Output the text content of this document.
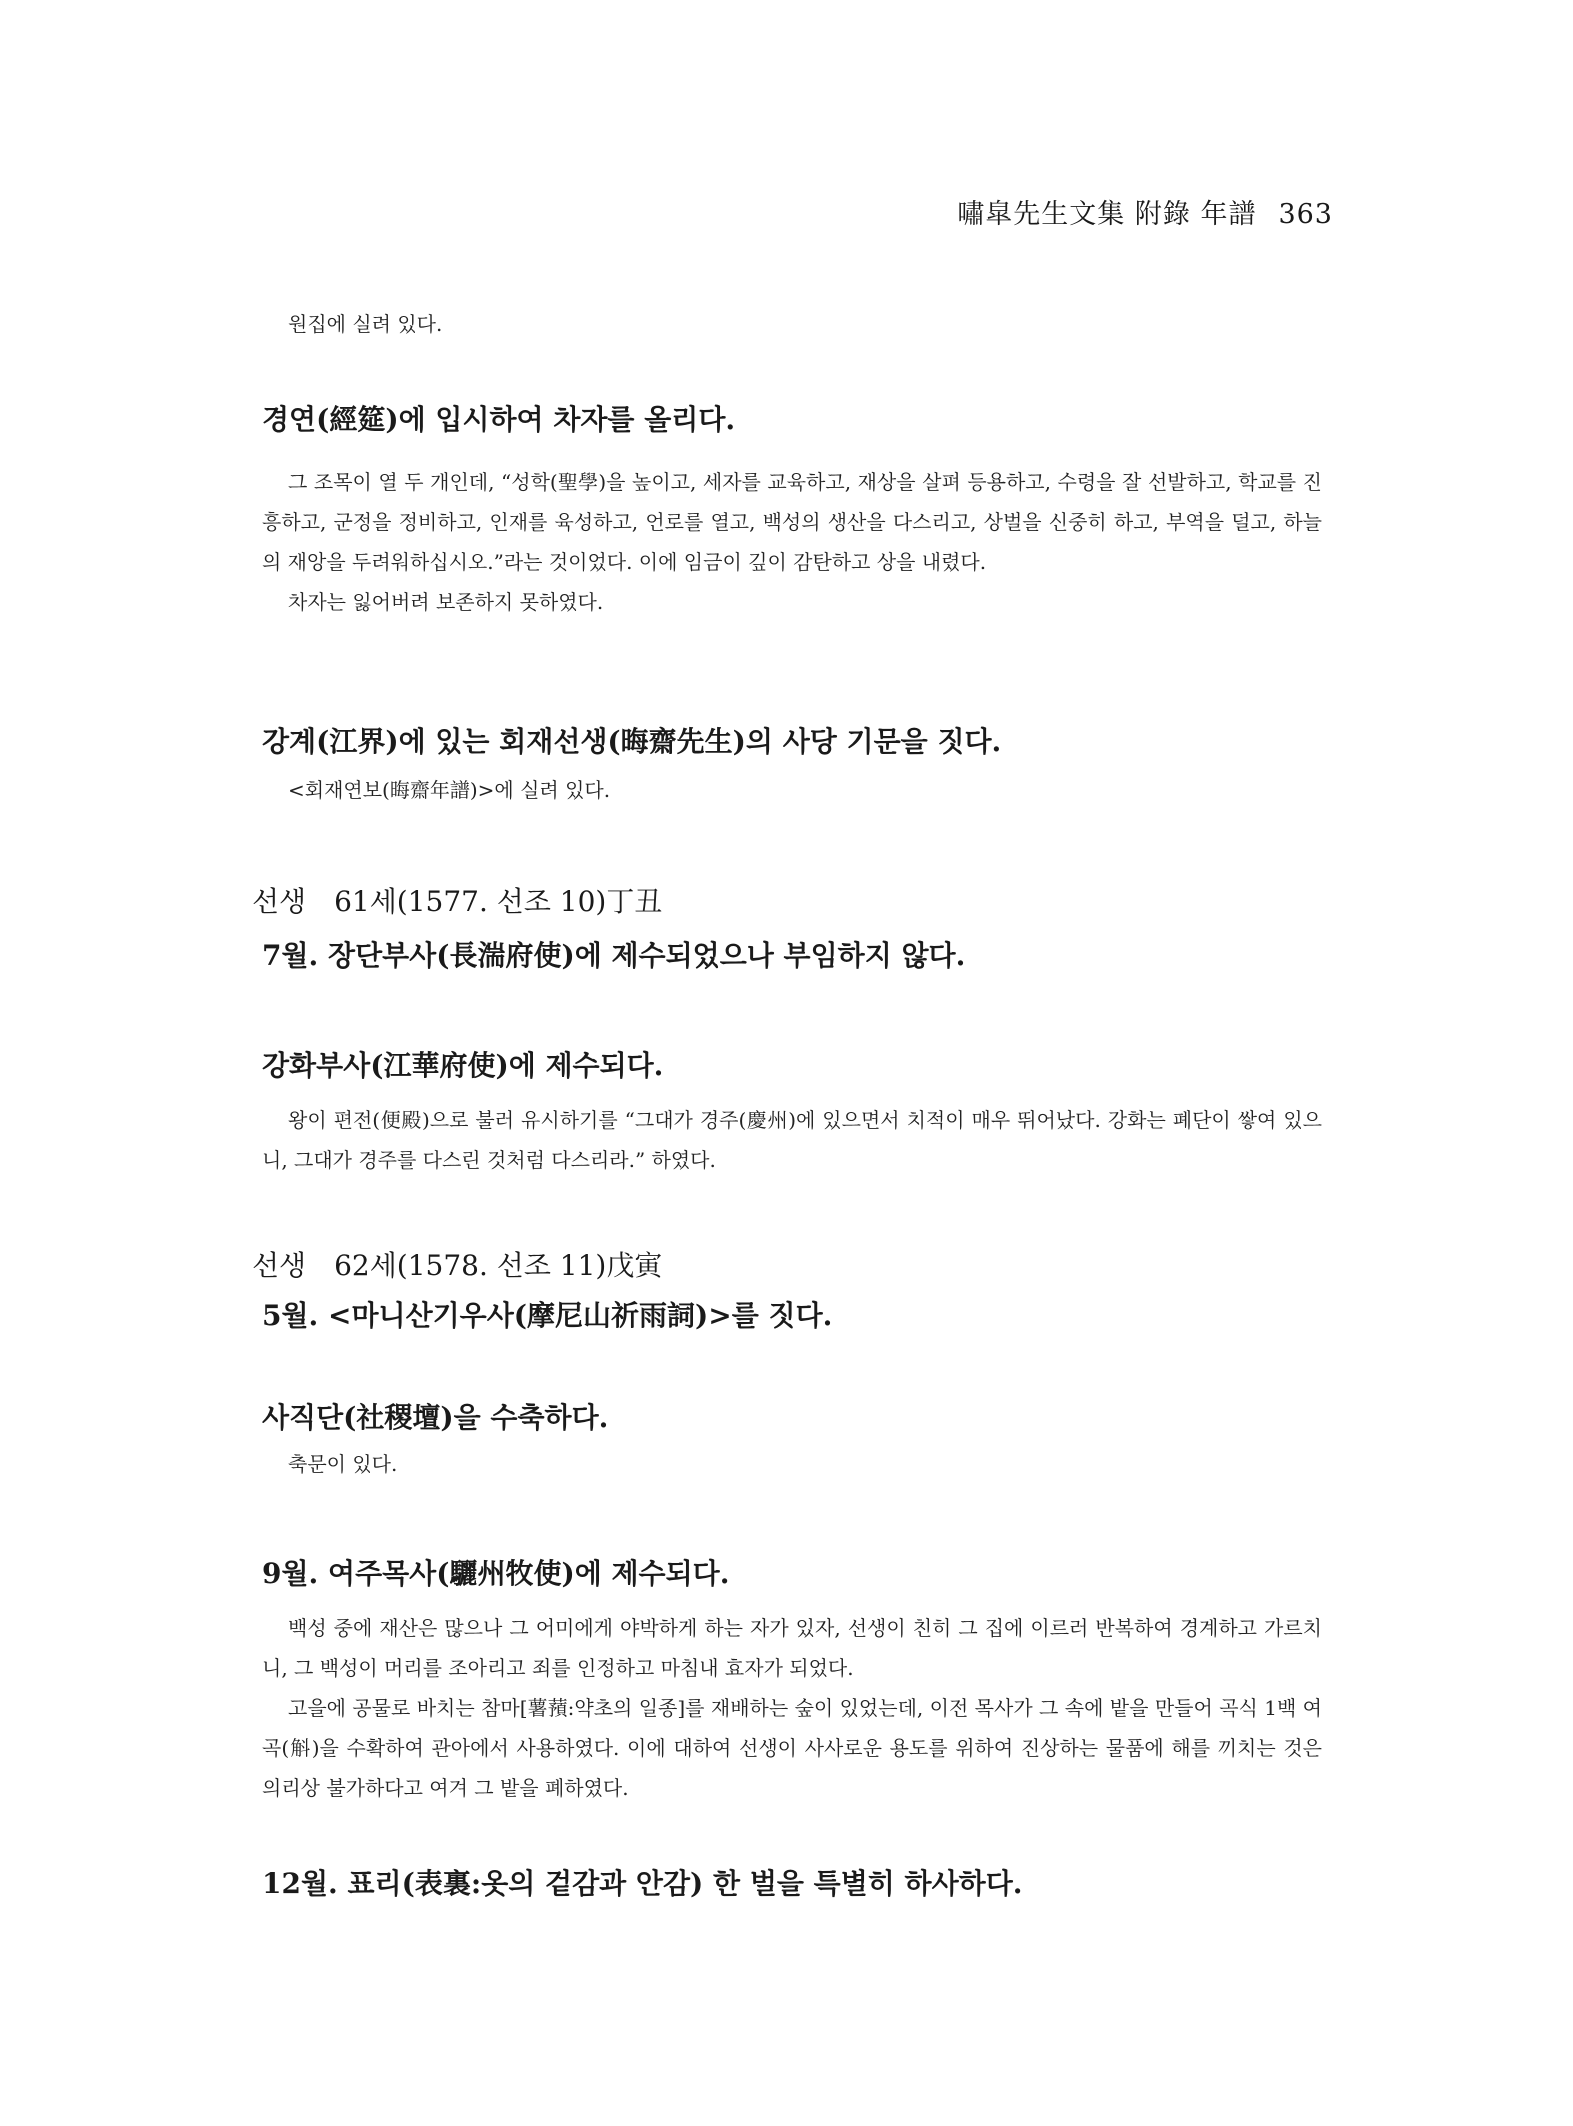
嘯皐先生文集 附錄 年譜 363

원집에 실려 있다.

경연(經筵)에 입시하여 차자를 올리다.

그 조목이 열 두 개인데, “성학(聖學)을 높이고, 세자를 교육하고, 재상을 살펴 등용하고, 수령을 잘 선발하고, 학교를 진흥하고, 군정을 정비하고, 인재를 육성하고, 언로를 열고, 백성의 생산을 다스리고, 상벌을 신중히 하고, 부역을 덜고, 하늘의 재앙을 두려워하십시오.”라는 것이었다. 이에 임금이 깊이 감탄하고 상을 내렸다.

차자는 잃어버려 보존하지 못하였다.

강계(江界)에 있는 회재선생(晦齋先生)의 사당 기문을 짓다.

<회재연보(晦齋年譜)>에 실려 있다.

선생 61세(1577. 선조 10)丁丑
7월. 장단부사(長湍府使)에 제수되었으나 부임하지 않다.
강화부사(江華府使)에 제수되다.

왕이 편전(便殿)으로 불러 유시하기를 “그대가 경주(慶州)에 있으면서 치적이 매우 뛰어났다. 강화는 폐단이 쌓여 있으니, 그대가 경주를 다스린 것처럼 다스리라.” 하였다.

선생 62세(1578. 선조 11)戊寅
5월. <마니산기우사(摩尼山祈雨詞)>를 짓다.
사직단(社稷壇)을 수축하다.

축문이 있다.

9월. 여주목사(驪州牧使)에 제수되다.

백성 중에 재산은 많으나 그 어미에게 야박하게 하는 자가 있자, 선생이 친히 그 집에 이르러 반복하여 경계하고 가르치니, 그 백성이 머리를 조아리고 죄를 인정하고 마침내 효자가 되었다.

고을에 공물로 바치는 참마[薯蕷:약초의 일종]를 재배하는 숲이 있었는데, 이전 목사가 그 속에 밭을 만들어 곡식 1백 여 곡(斛)을 수확하여 관아에서 사용하였다. 이에 대하여 선생이 사사로운 용도를 위하여 진상하는 물품에 해를 끼치는 것은 의리상 불가하다고 여겨 그 밭을 폐하였다.

12월. 표리(表裏:옷의 겉감과 안감) 한 벌을 특별히 하사하다.
